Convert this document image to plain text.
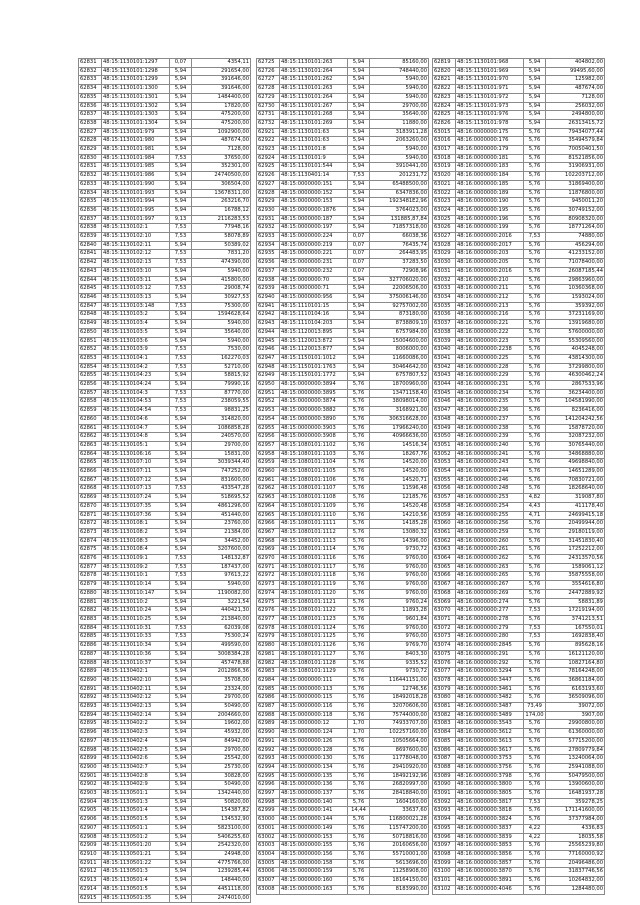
62831	48:15:1130101:1297	0,07	4354,11
62832	48:15:1130101:1298	5,94	291654,00
62833	48:15:1130101:1299	5,94	391646,00
62834	48:15:1130101:1300	5,94	391646,00
62835	48:15:1130101:1301	5,94	1484400,00
62836	48:15:1130101:1302	5,94	17820,00
62837	48:15:1130101:1303	5,94	475200,00
62838	48:15:1130101:1304	5,94	475200,00
62827	48:15:1130101:979	5,94	1092900,00
62828	48:15:1130101:980	5,94	487674,00
62829	48:15:1130101:981	5,94	7128,00
62830	48:15:1130101:984	7,53	37650,00
62831	48:15:1130101:985	5,94	352301,00
62832	48:15:1130101:986	5,94	24740500,00
62833	48:15:1130101:990	5,94	306504,00
62834	48:15:1130101:993	5,94	13678311,00
62835	48:15:1130101:994	5,94	263216,70
62836	48:15:1130101:995	5,94	16788,12
62837	48:15:1130101:997	9,13	2116283,53
62838	48:15:1130102:1	7,53	77948,16
62839	48:15:1130102:10	7,53	58078,89
62840	48:15:1130102:11	5,94	50389,02
62841	48:15:1130102:12	7,53	7831,20
62842	48:15:1130102:13	7,53	474390,00
62843	48:15:1130103:10	5,94	5940,00
62844	48:15:1130103:11	5,94	415800,00
62845	48:15:1130103:12	7,53	29008,74
62846	48:15:1130103:13	5,94	30927,53
62847	48:15:1130103:148	7,53	75300,00
62848	48:15:1130103:2	5,94	1594628,64
62849	48:15:1130103:4	5,94	5940,00
62850	48:15:1130103:5	5,94	35640,00
62851	48:15:1130103:6	5,94	5940,00
62852	48:15:1130103:9	7,53	7530,00
62853	48:15:1130104:1	7,53	162270,03
62854	48:15:1130104:2	7,53	52710,00
62855	48:15:1130104:23	5,94	58815,92
62856	48:15:1130104:24	5,94	79990,16
62857	48:15:1130104:3	7,53	87770,00
62858	48:15:1130104:53	7,53	238059,55
62859	48:15:1130104:54	7,53	98831,25
62860	48:15:1130104:6	5,94	314820,00
62861	48:15:1130104:7	5,94	1086858,28
62862	48:15:1130104:8	5,94	240570,00
62863	48:15:1130105:1	5,94	29700,00
62864	48:15:1130106:16	5,94	15831,00
62865	48:15:1130107:10	5,94	3039344,40
62866	48:15:1130107:11	5,94	747252,00
62867	48:15:1130107:12	5,94	831600,00
62868	48:15:1130107:13	7,53	433547,28
62869	48:15:1130107:24	5,94	518695,52
62870	48:15:1130107:35	5,94	4861296,00
62871	48:15:1130107:36	5,94	451440,00
62872	48:15:1130108:1	5,94	23760,00
62873	48:15:1130108:2	5,94	21384,00
62874	48:15:1130108:3	5,94	34452,00
62875	48:15:1130108:4	5,94	3207600,00
62876	48:15:1130109:1	7,53	148132,87
62877	48:15:1130109:2	7,53	187437,00
62878	48:15:1130110:1	7,53	97613,22
62879	48:15:1130110:14	5,94	5940,00
62880	48:15:1130110:147	5,94	1190082,00
62881	48:15:1130110:2	5,94	3221,54
62882	48:15:1130110:24	5,94	440421,30
62883	48:15:1130110:25	5,94	213840,00
62884	48:15:1130110:31	7,53	62039,08
62885	48:15:1130110:33	7,53	75300,24
62886	48:15:1130110:34	5,94	499590,00
62887	48:15:1130110:36	5,94	3008384,28
62888	48:15:1130110:37	5,94	457478,88
62889	48:15:1130402:1	5,94	2012866,36
62890	48:15:1130402:10	5,94	35708,00
62891	48:15:1130402:11	5,94	23324,00
62892	48:15:1130402:12	5,94	29700,00
62893	48:15:1130402:13	5,94	50490,00
62894	48:15:1130402:14	5,94	2004660,00
62895	48:15:1130402:2	5,94	19602,00
62896	48:15:1130402:3	5,94	45932,00
62897	48:15:1130402:4	5,94	84942,00
62898	48:15:1130402:5	5,94	29700,00
62899	48:15:1130402:6	5,94	25542,00
62900	48:15:1130402:7	5,94	25730,00
62901	48:15:1130402:8	5,94	30828,00
62902	48:15:1130402:9	5,94	50490,00
62903	48:15:1130501:1	5,94	1342440,00
62904	48:15:1130501:3	5,94	50820,00
62905	48:15:1130501:4	5,94	154387,82
62906	48:15:1130501:5	5,94	134532,90
62907	48:15:1130501:1	5,94	5823100,00
62908	48:15:1130501:2	5,94	5406255,60
62909	48:15:1130501:20	5,94	2542320,00
62910	48:15:1130501:21	5,94	24948,00
62911	48:15:1130501:22	5,94	4775766,00
62912	48:15:1130501:3	5,94	1239285,44
62913	48:15:1130501:4	5,94	148440,00
62914	48:15:1130501:5	5,94	4451118,00
62915	48:15:1130501:35	5,94	2474010,00
62725	48:15:1130101:263	5,94	85160,00
62726	48:15:1130101:264	5,94	748440,00
62727	48:15:1130101:262	5,94	5940,00
62728	48:15:1130101:263	5,94	5940,00
62729	48:15:1130101:264	5,94	5940,00
62730	48:15:1130101:267	5,94	29700,00
62731	48:15:1130101:268	5,94	35640,00
62732	48:15:1130101:269	5,94	11880,00
62921	48:15:1130101:63	5,94	3183911,28
62922	48:15:1130101:63	5,94	2063260,00
62923	48:15:1130101:8	5,94	5940,00
62924	48:15:1130101:9	5,94	5940,00
62925	48:15:1130101:544	5,94	3910441,00
62926	48:15:1130401:14	7,53	201231,72
62927	48:15:0000000:151	5,94	65488500,00
62928	48:15:0000000:152	5,94	6347836,00
62929	48:15:0000000:153	5,94	1923481E2,96
62930	48:15:0000000:1876	5,94	3764023,00
62931	48:15:0000000:187	5,94	131885,87,84
62932	48:15:0000000:197	5,94	71857318,00
62933	48:15:0000000:224	0,07	66038,36
62934	48:15:0000000:219	0,07	76435,74
62935	48:15:0000000:221	0,07	264483,95
62936	48:15:0000000:231	0,07	37283,50
62937	48:15:0000000:232	0,07	72908,96
62938	48:15:0000000:70	5,94	327706020,00
62939	48:15:0000000:71	5,94	22006506,00
62940	48:15:0000000:956	5,94	375006146,00
62941	48:15:1110101:15	5,94	92757002,00
62942	48:15:1110104:16	5,94	873180,00
62943	48:15:1110104:203	5,94	8738809,10
62944	48:15:1120013:895	5,94	6757984,00
62945	48:15:1120013:872	5,94	15004600,00
62946	48:15:1120013:877	5,94	8006000,00
62947	48:15:1150101:1012	5,94	11660086,00
62948	48:15:1150101:1763	5,94	30464642,00
62949	48:15:1150101:1772	5,94	6757807,52
62950	48:15:0000000:3894	5,76	18700960,00
62951	48:15:0000000:3895	5,76	13471158,40
62952	48:15:0000000:3874	5,76	38098014,00
62953	48:15:0000000:3882	5,76	3168921,00
62954	48:15:0000000:3890	5,76	306316628,00
62955	48:15:0000000:3903	5,76	17966240,00
62956	48:15:0000000:3908	5,76	40966636,00
62957	48:15:1080101:1102	5,76	14516,34
62958	48:15:1080101:1103	5,76	18267,76
62959	48:15:1080101:1104	5,76	14520,00
62960	48:15:1080101:1105	5,76	14520,00
62961	48:15:1080101:1106	5,76	14520,71
62962	48:15:1080101:1107	5,76	11596,48
62963	48:15:1080101:1108	5,76	12185,76
62964	48:15:1080101:1109	5,76	14520,48
62965	48:15:1080101:1110	5,76	14210,56
62966	48:15:1080101:1111	5,76	14185,28
62967	48:15:1080101:1112	5,76	13080,32
62968	48:15:1080101:1113	5,76	14396,00
62969	48:15:1080101:1114	5,76	9730,72
62970	48:15:1080101:1116	5,76	9760,00
62971	48:15:1080101:1117	5,76	9760,00
62972	48:15:1080101:1118	5,76	9760,00
62973	48:15:1080101:1119	5,76	9760,00
62974	48:15:1080101:1120	5,76	9760,00
62975	48:15:1080101:1121	5,76	9760,24
62976	48:15:1080101:1122	5,76	11893,28
62977	48:15:1080101:1123	5,76	9601,84
62978	48:15:1080101:1124	5,76	9760,00
62979	48:15:1080101:1125	5,76	9760,00
62980	48:15:1080101:1126	5,76	9769,70
62981	48:15:1080101:1127	5,76	8403,30
62982	48:15:1080101:1128	5,76	9335,52
62983	48:15:1080101:1129	5,76	9730,72
62984	48:15:0000000:111	5,76	116441151,00
62985	48:15:0000000:113	5,76	12746,56
62986	48:15:0000000:115	5,76	18492018,28
62987	48:15:0000000:116	5,76	32070606,00
62988	48:15:0000000:118	5,76	75744000,00
62989	48:15:0000000:12	1,70	74933707,00
62990	48:15:0000000:124	1,70	102257160,00
62991	48:15:0000000:126	5,76	10505664,00
62992	48:15:0000000:128	5,76	8697600,00
62993	48:15:0000000:130	5,76	11778048,00
62994	48:15:0000000:134	5,76	29410920,00
62995	48:15:0000000:135	5,76	18492192,96
62996	48:15:0000000:136	5,76	26820997,00
62997	48:15:0000000:137	5,76	28418840,00
62998	48:15:0000000:140	5,76	1604160,00
62999	48:15:0000000:141	14,44	33637,60
63000	48:15:0000000:144	5,76	116800021,28
63001	48:15:0000000:149	5,76	115747200,00
63002	48:15:0000000:153	5,76	50718816,00
63003	48:15:0000000:155	5,76	20160656,00
63004	48:15:0000000:156	5,76	55710001,00
63005	48:15:0000000:158	5,76	5613696,00
63006	48:15:0000000:159	5,76	11258908,00
63007	48:15:0000000:160	5,76	18164150,00
63008	48:15:0000000:163	5,76	8183990,00
62819	48:15:1130101:968	5,94	404802,00
62820	48:15:1130101:969	5,94	99495,60,00
62821	48:15:1130101:970	5,94	125982,00
62822	48:15:1130101:971	5,94	487674,00
62823	48:15:1130101:972	5,94	7128,00
62824	48:15:1130101:973	5,94	256032,00
62825	48:15:1130101:976	5,94	2494800,00
62826	48:15:1130101:978	5,94	26313415,72
63015	48:16:0000000:175	5,76	79434077,44
63016	48:16:0000000:176	5,76	35494579,84
63017	48:16:0000000:179	5,76	70050401,50
63018	48:16:0000000:181	5,76	81521856,00
63019	48:16:0000000:183	5,76	31906931,00
63020	48:16:0000000:184	5,76	102203712,00
63021	48:16:0000000:185	5,76	31869400,00
63022	48:16:0000000:189	5,76	11876800,00
63023	48:16:0000000:190	5,76	9450011,20
63024	48:16:0000000:195	5,76	30749152,00
63025	48:16:0000000:196	5,76	80908320,00
63026	48:16:0000000:199	5,76	18771264,00
63027	48:16:0000000:2016	7,53	74880,00
63028	48:16:0000000:2017	5,76	456294,00
63029	48:16:0000000:203	5,76	41233152,00
63030	48:16:0000000:205	5,76	71078400,00
63031	48:16:0000000:2016	5,76	26087185,44
63032	48:16:0000000:210	5,76	29863960,00
63033	48:16:0000000:211	5,76	10360368,00
63034	48:16:0000000:212	5,76	1593024,00
63035	48:16:0000000:213	5,76	359392,00
63036	48:16:0000000:216	5,76	37231169,00
63037	48:16:0000000:221	5,76	13919680,00
63038	48:16:0000000:222	5,76	57600000,00
63039	48:16:0000000:223	5,76	55309560,00
63040	48:16:0000000:2238	5,76	4045248,00
63041	48:16:0000000:225	5,76	43814300,00
63042	48:16:0000000:228	5,76	37299800,00
63043	48:16:0000000:229	5,76	46300462,24
63044	48:16:0000000:231	5,76	2867533,96
63045	48:16:0000000:234	5,76	36234400,00
63046	48:16:0000000:235	5,76	104581990,00
63047	48:16:0000000:236	5,76	8236416,00
63048	48:16:0000000:237	5,76	141204242,56
63049	48:16:0000000:238	5,76	15878720,00
63050	48:16:0000000:239	5,76	32087232,00
63051	48:16:0000000:240	5,76	30765440,00
63052	48:16:0000000:241	5,76	34868880,00
63053	48:16:0000000:243	5,76	49698840,00
63054	48:16:0000000:244	5,76	14651289,00
63055	48:16:0000000:246	5,76	70830721,00
63056	48:16:0000000:248	5,76	18268640,00
63057	48:16:0000000:253	4,82	319087,80
63058	48:16:0000000:254	4,43	411178,40
63059	48:16:0000000:255	4,71	24699415,18
63060	48:16:0000000:256	5,76	20499944,00
63061	48:16:0000000:259	5,76	29180119,00
63062	48:16:0000000:260	5,76	31451830,40
63063	48:16:0000000:261	5,76	17252212,00
63064	48:16:0000000:262	5,76	24313570,56
63065	48:16:0000000:263	5,76	1589061,12
63066	48:16:0000000:265	5,76	35875558,00
63067	48:16:0000000:267	5,76	3554616,80
63068	48:16:0000000:269	5,76	24472889,92
63069	48:16:0000000:274	5,76	58831,89
63070	48:16:0000000:277	7,53	17219194,00
63071	48:16:0000000:278	5,76	3741213,51
63072	48:16:0000000:279	7,53	167550,01
63073	48:16:0000000:280	7,53	1692838,40
63074	48:16:0000000:2845	5,76	895628,16
63075	48:16:0000000:291	5,76	16121120,00
63076	48:16:0000000:292	5,76	10827164,80
63077	48:16:0000000:3294	5,76	78164248,00
63078	48:16:0000000:3447	5,76	36861184,00
63079	48:16:0000000:3461	5,76	6163193,60
63080	48:16:0000000:3482	5,76	36509096,00
63081	48:16:0000000:3487	73,49	39072,00
63082	48:16:0000000:3489	174,00	3907,00
63083	48:16:0000000:3543	5,76	29900800,00
63084	48:16:0000000:3612	5,76	61360000,00
63085	48:16:0000000:3613	5,76	57715200,00
63086	48:16:0000000:3617	5,76	27809779,84
63087	48:16:0000000:3753	5,76	13240064,00
63088	48:16:0000000:3756	5,76	25941088,00
63089	48:16:0000000:3798	5,76	50479500,00
63090	48:16:0000000:3800	5,76	13900600,00
63091	48:16:0000000:3805	5,76	16481937,28
63092	48:16:0000000:3817	7,53	359278,25
63093	48:16:0000000:3818	5,76	171141600,00
63094	48:16:0000000:3824	5,76	37377984,00
63095	48:16:0000000:3837	4,22	4336,83
63096	48:16:0000000:3839	4,22	18035,58
63097	48:16:0000000:3853	5,76	25565239,80
63098	48:16:0000000:3856	5,76	77160000,92
63099	48:16:0000000:3857	5,76	20496486,00
63100	48:16:0000000:3870	5,76	31837746,56
63101	48:16:0000000:3891	5,76	10264832,00
63102	48:16:0000000:4046	5,76	1284480,00
